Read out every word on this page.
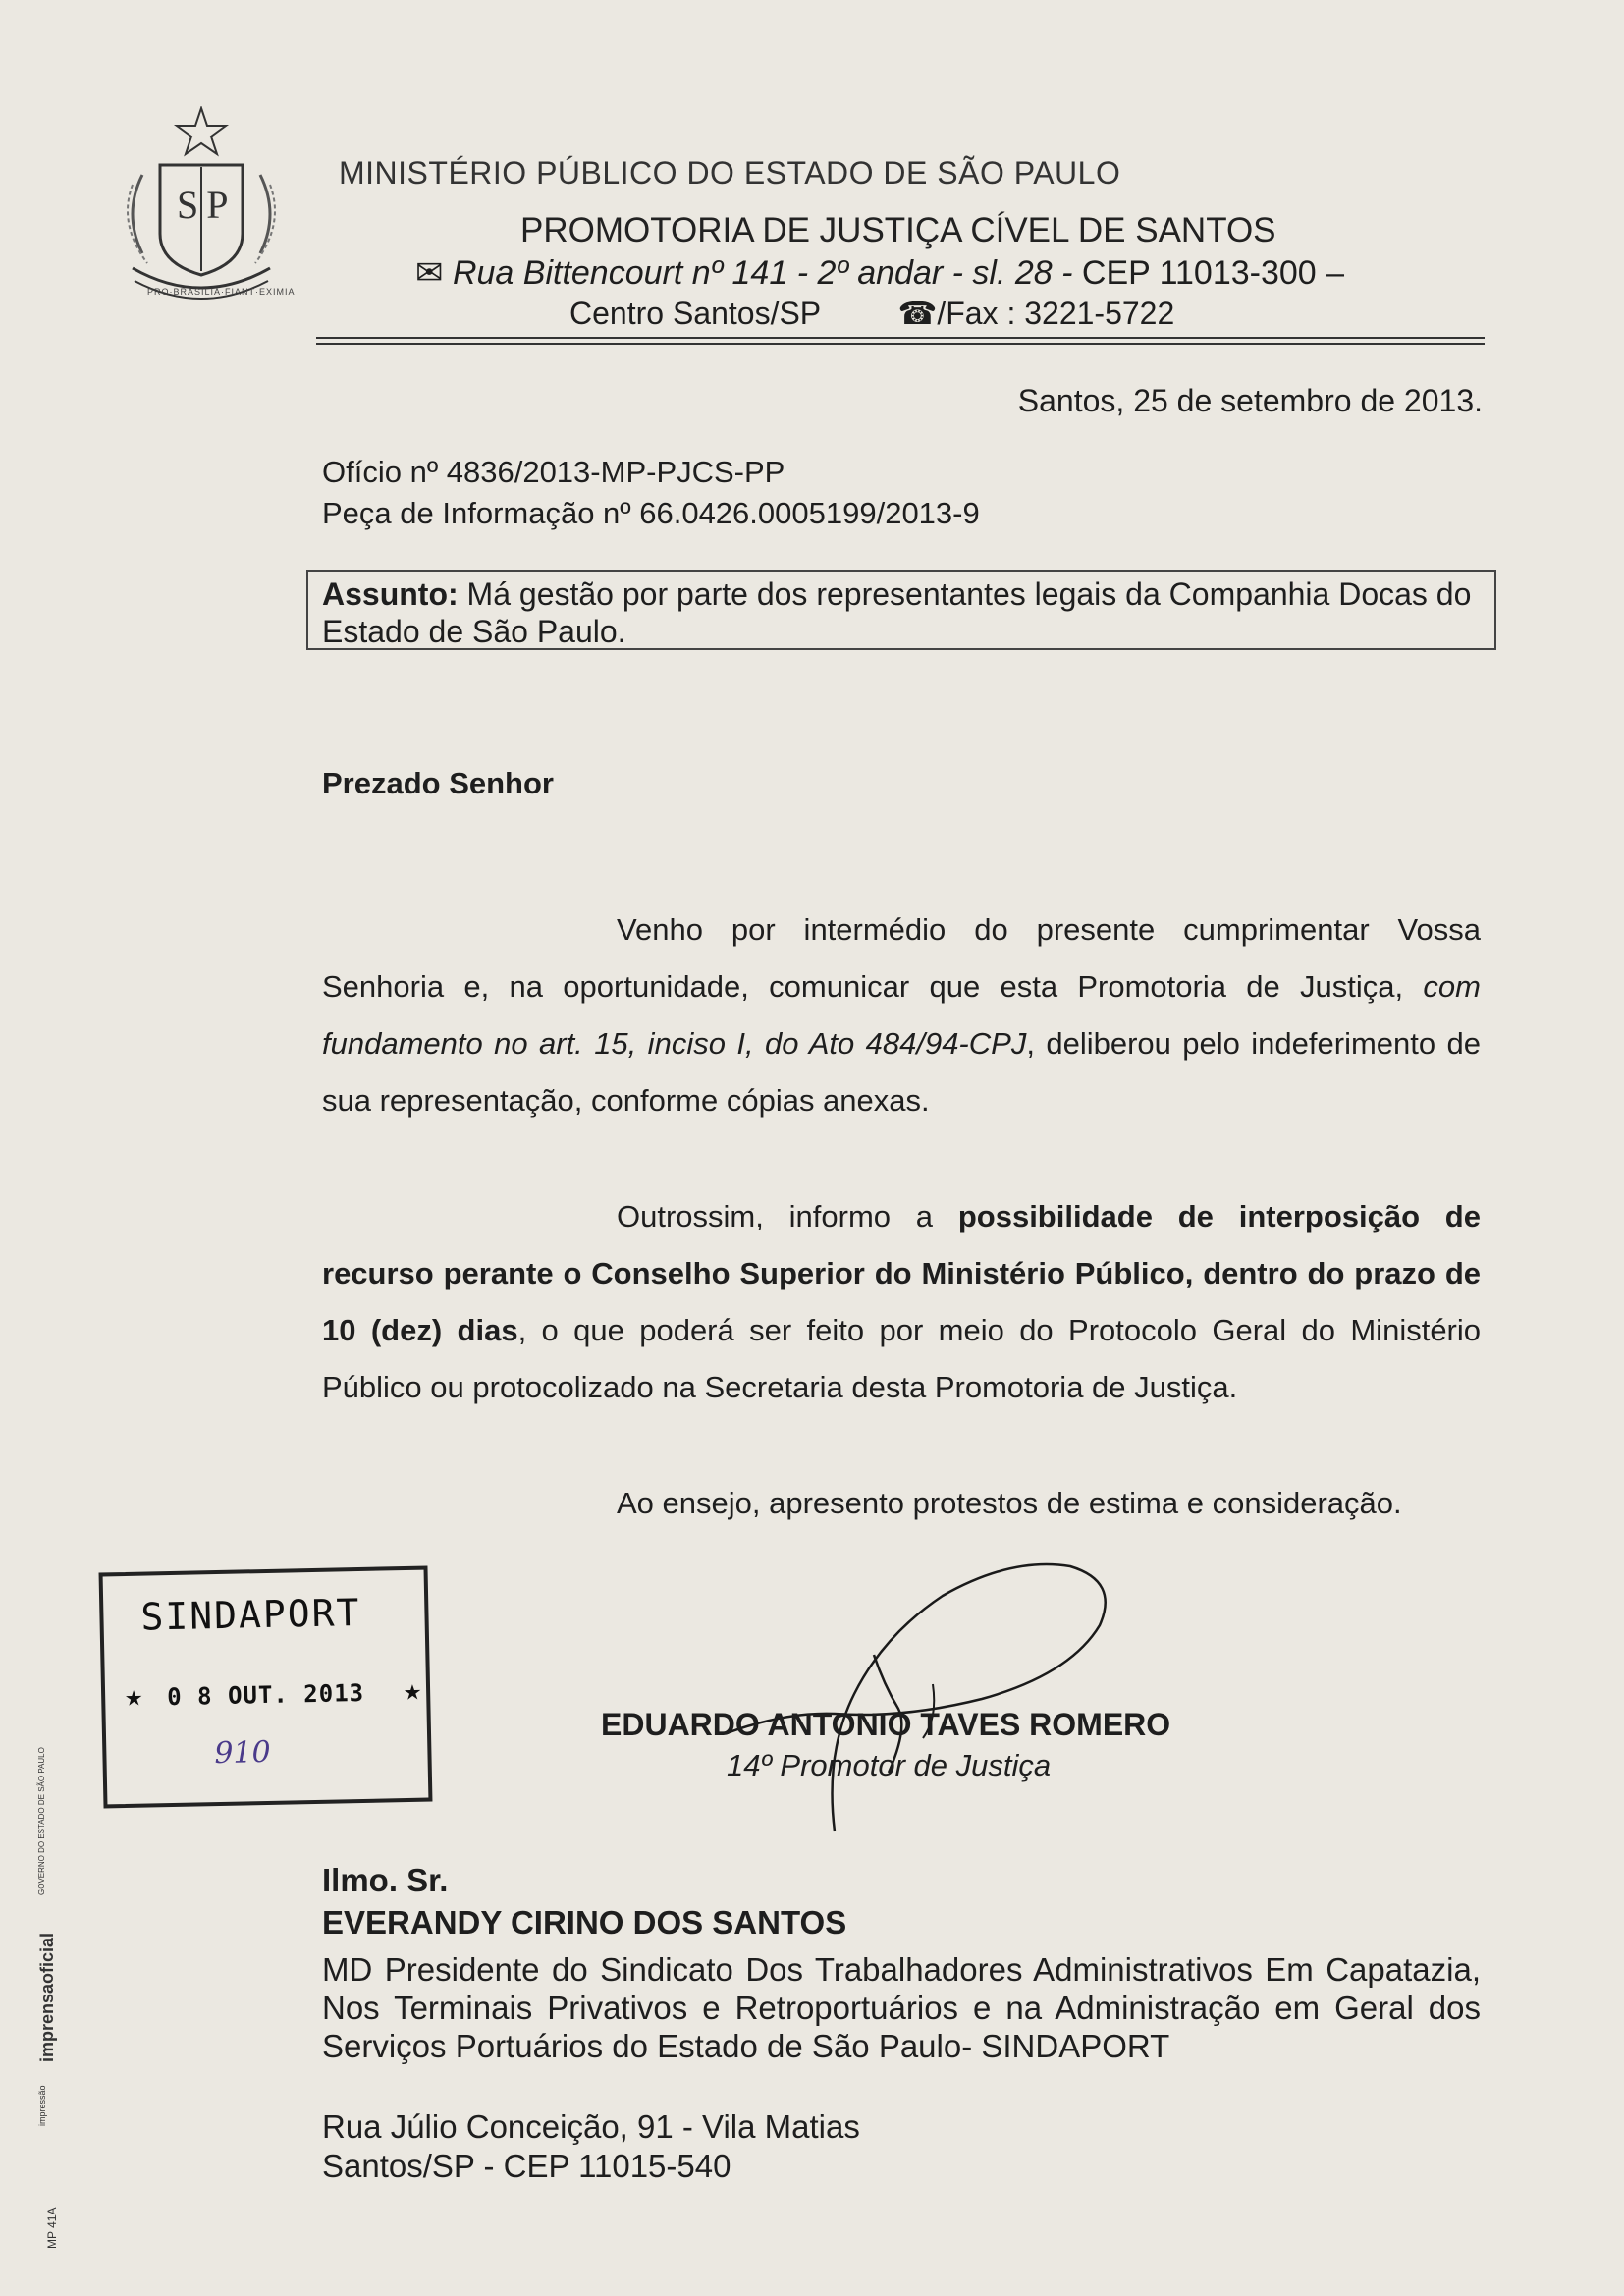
SP
PRO·BRASILIA·FIANT·EXIMIA
MINISTÉRIO PÚBLICO DO ESTADO DE SÃO PAULO
PROMOTORIA DE JUSTIÇA CÍVEL DE SANTOS
✉ Rua Bittencourt nº 141 - 2º andar - sl. 28 - CEP 11013-300 –
Centro Santos/SP ☎/Fax : 3221-5722
Santos, 25 de setembro de 2013.
Ofício nº 4836/2013-MP-PJCS-PP
Peça de Informação nº 66.0426.0005199/2013-9
Assunto: Má gestão por parte dos representantes legais da Companhia Docas do Estado de São Paulo.
Prezado Senhor
Venho por intermédio do presente cumprimentar Vossa Senhoria e, na oportunidade, comunicar que esta Promotoria de Justiça, com fundamento no art. 15, inciso I, do Ato 484/94-CPJ, deliberou pelo indeferimento de sua representação, conforme cópias anexas.
Outrossim, informo a possibilidade de interposição de recurso perante o Conselho Superior do Ministério Público, dentro do prazo de 10 (dez) dias, o que poderá ser feito por meio do Protocolo Geral do Ministério Público ou protocolizado na Secretaria desta Promotoria de Justiça.
Ao ensejo, apresento protestos de estima e consideração.
SINDAPORT
★ 0 8 OUT. 2013 ★
910
EDUARDO ANTONIO TAVES ROMERO
14º Promotor de Justiça
impressão
imprensaoficial
GOVERNO DO ESTADO DE SÃO PAULO
MP 41A
Ilmo. Sr.
EVERANDY CIRINO DOS SANTOS
MD Presidente do Sindicato Dos Trabalhadores Administrativos Em Capatazia, Nos Terminais Privativos e Retroportuários e na Administração em Geral dos Serviços Portuários do Estado de São Paulo- SINDAPORT
Rua Júlio Conceição, 91 - Vila Matias
Santos/SP - CEP 11015-540
